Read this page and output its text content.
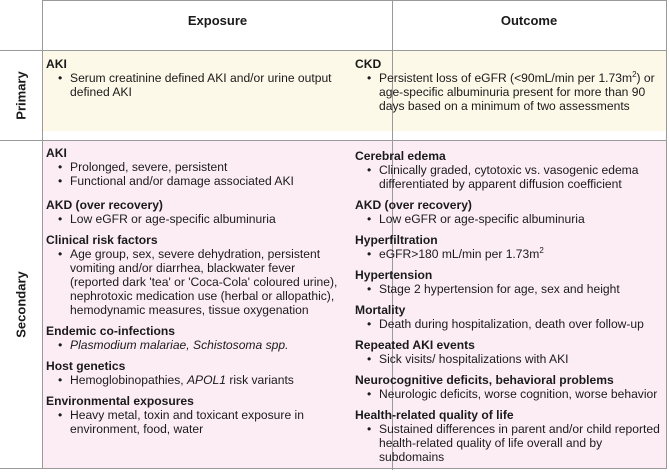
Exposure	Outcome
Primary
Secondary
AKI
• Serum creatinine defined AKI and/or urine output defined AKI
CKD
• Persistent loss of eGFR (<90mL/min per $1.73m^2$) or age-specific albuminuria present for more than 90 days based on a minimum of two assessments
AKI
• Prolonged, severe, persistent
• Functional and/or damage associated AKI
AKD (over recovery)
• Low eGFR or age-specific albuminuria
Clinical risk factors
• Age group, sex, severe dehydration, persistent vomiting and/or diarrhea, blackwater fever (reported dark 'tea' or 'Coca-Cola' coloured urine), nephrotoxic medication use (herbal or allopathic), hemodynamic measures, tissue oxygenation
Endemic co-infections
• Plasmodium malariae, Schistosoma spp.
Host genetics
• Hemoglobinopathies, APOL1 risk variants
Environmental exposures
• Heavy metal, toxin and toxicant exposure in environment, food, water
Cerebral edema
• Clinically graded, cytotoxic vs. vasogenic edema differentiated by apparent diffusion coefficient
AKD (over recovery)
• Low eGFR or age-specific albuminuria
Hyperfiltration
• eGFR>180 mL/min per $1.73m^2$
Hypertension
• Stage 2 hypertension for age, sex and height
Mortality
• Death during hospitalization, death over follow-up
Repeated AKI events
• Sick visits/ hospitalizations with AKI
Neurocognitive deficits, behavioral problems
• Neurologic deficits, worse cognition, worse behavior
Health-related quality of life
• Sustained differences in parent and/or child reported health-related quality of life overall and by subdomains
